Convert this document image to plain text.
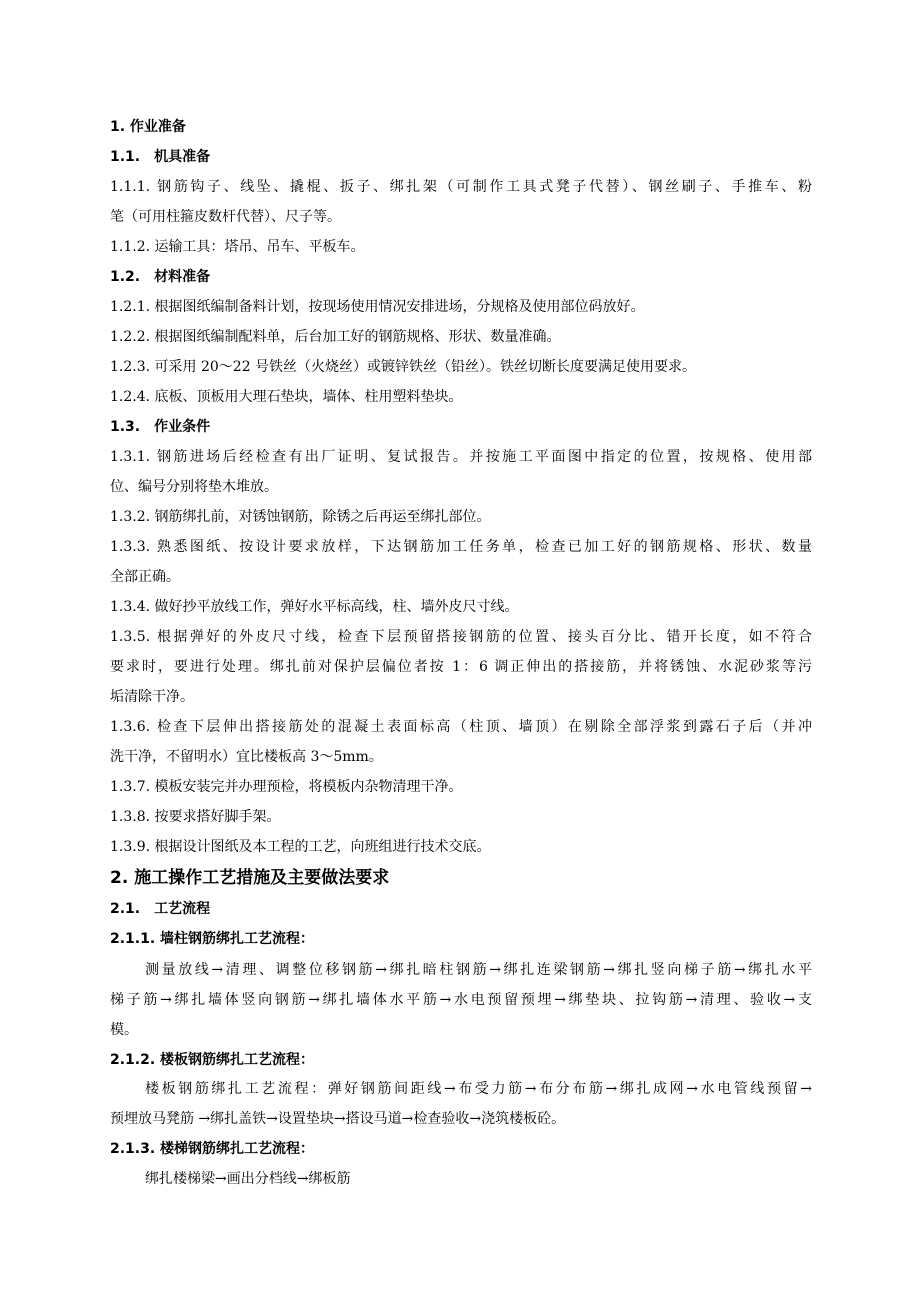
1. 作业准备
1.1.　机具准备
1.1.1. 钢筋钩子、线坠、撬棍、扳子、绑扎架（可制作工具式凳子代替）、钢丝刷子、手推车、粉
笔（可用柱箍皮数杆代替）、尺子等。
1.1.2. 运输工具：塔吊、吊车、平板车。
1.2.　材料准备
1.2.1. 根据图纸编制备料计划，按现场使用情况安排进场，分规格及使用部位码放好。
1.2.2. 根据图纸编制配料单，后台加工好的钢筋规格、形状、数量准确。
1.2.3. 可采用 20～22 号铁丝（火烧丝）或镀锌铁丝（铅丝）。铁丝切断长度要满足使用要求。
1.2.4. 底板、顶板用大理石垫块，墙体、柱用塑料垫块。
1.3.　作业条件
1.3.1. 钢筋进场后经检查有出厂证明、复试报告。并按施工平面图中指定的位置，按规格、使用部
位、编号分别将垫木堆放。
1.3.2. 钢筋绑扎前，对锈蚀钢筋，除锈之后再运至绑扎部位。
1.3.3. 熟悉图纸、按设计要求放样，下达钢筋加工任务单，检查已加工好的钢筋规格、形状、数量
全部正确。
1.3.4. 做好抄平放线工作，弹好水平标高线，柱、墙外皮尺寸线。
1.3.5. 根据弹好的外皮尺寸线，检查下层预留搭接钢筋的位置、接头百分比、错开长度，如不符合
要求时，要进行处理。绑扎前对保护层偏位者按 1：6 调正伸出的搭接筋，并将锈蚀、水泥砂浆等污
垢清除干净。
1.3.6. 检查下层伸出搭接筋处的混凝土表面标高（柱顶、墙顶）在剔除全部浮浆到露石子后（并冲
洗干净，不留明水）宜比楼板高 3～5mm。
1.3.7. 模板安装完并办理预检，将模板内杂物清理干净。
1.3.8. 按要求搭好脚手架。
1.3.9. 根据设计图纸及本工程的工艺，向班组进行技术交底。
2. 施工操作工艺措施及主要做法要求
2.1.　工艺流程
2.1.1. 墙柱钢筋绑扎工艺流程：
测量放线→清理、调整位移钢筋→绑扎暗柱钢筋→绑扎连梁钢筋→绑扎竖向梯子筋→绑扎水平
梯子筋→绑扎墙体竖向钢筋→绑扎墙体水平筋→水电预留预埋→绑垫块、拉钩筋→清理、验收→支
模。
2.1.2. 楼板钢筋绑扎工艺流程：
楼板钢筋绑扎工艺流程：弹好钢筋间距线→布受力筋→布分布筋→绑扎成网→水电管线预留→
预埋放马凳筋 →绑扎盖铁→设置垫块→搭设马道→检查验收→浇筑楼板砼。
2.1.3. 楼梯钢筋绑扎工艺流程：
绑扎楼梯梁→画出分档线→绑板筋
